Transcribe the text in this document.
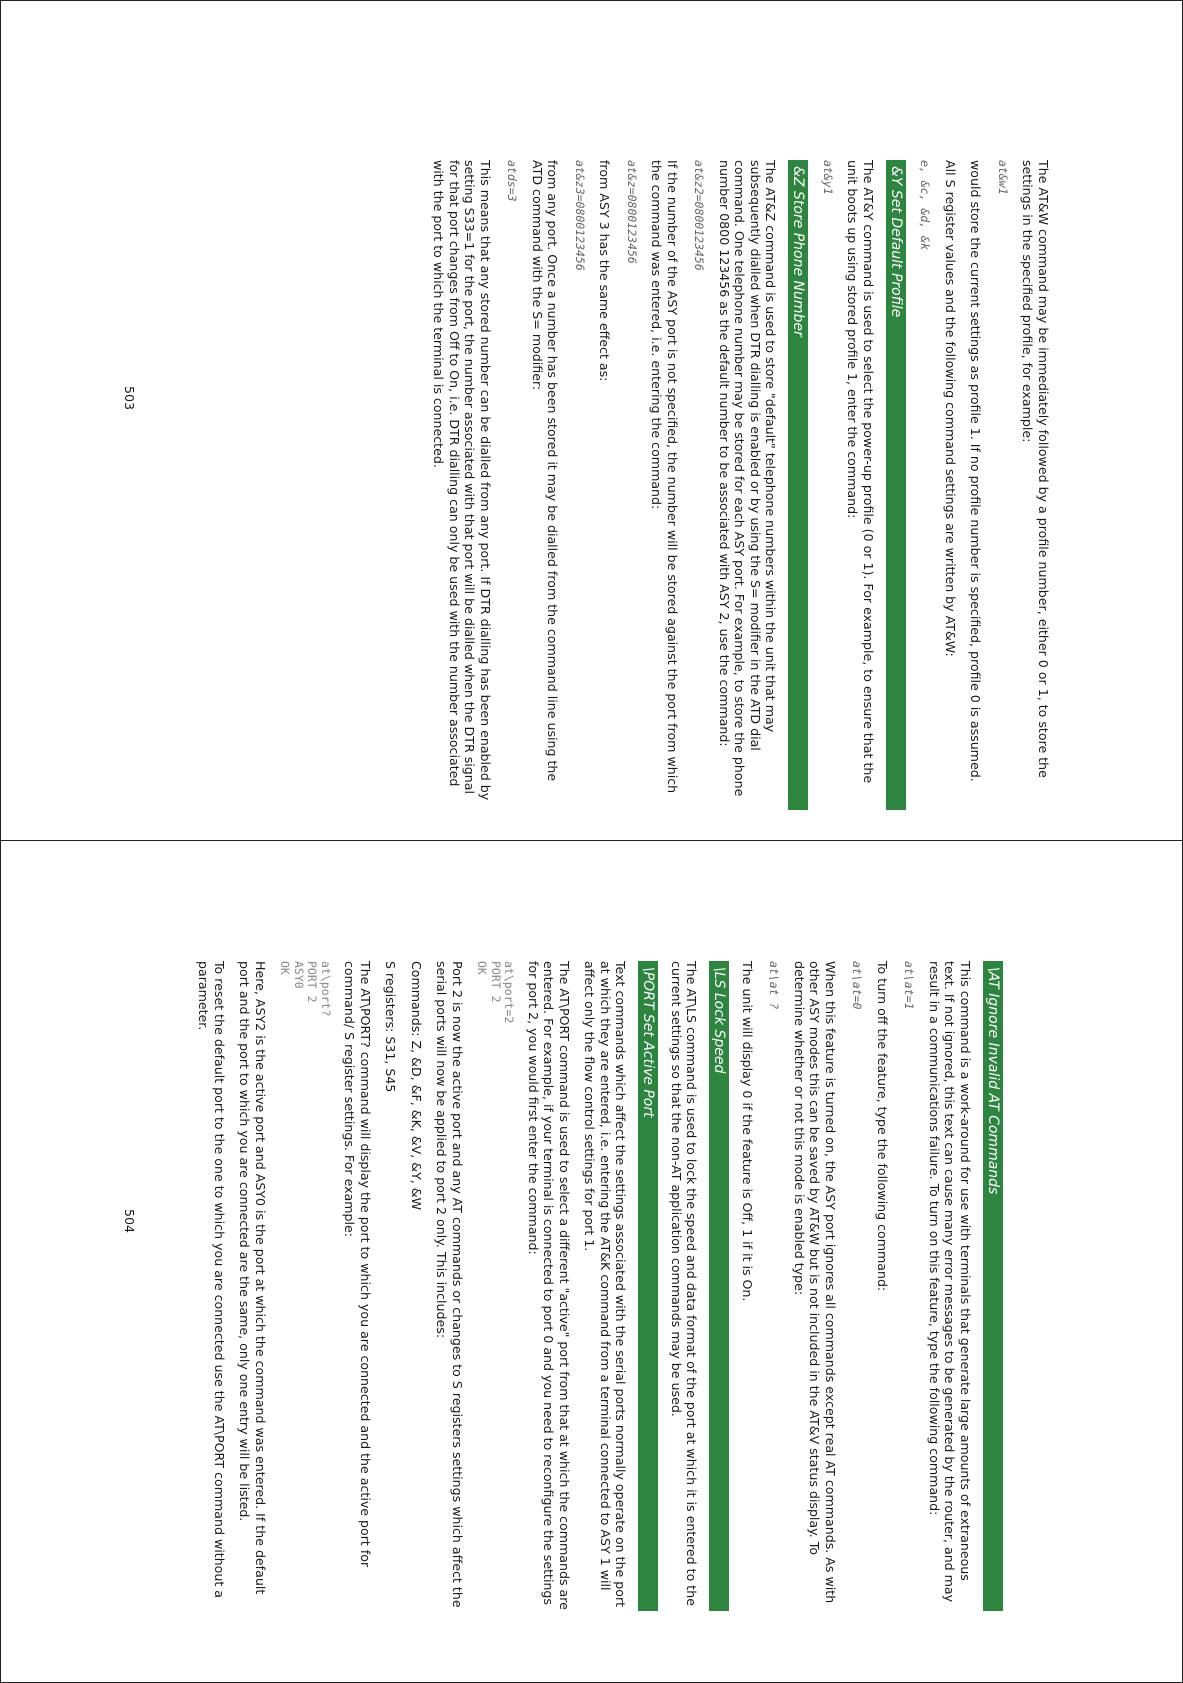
The AT&W command may be immediately followed by a profile number, either 0 or 1, to store the settings in the specified profile, for example:

at&w1

would store the current settings as profile 1. If no profile number is specified, profile 0 is assumed.

All S register values and the following command settings are written by AT&W:

e, &c, &d, &k

&Y Set Default Profile

The AT&Y command is used to select the power-up profile (0 or 1). For example, to ensure that the unit boots up using stored profile 1, enter the command:

at&y1

&Z Store Phone Number

The AT&Z command is used to store "default" telephone numbers within the unit that may subsequently dialled when DTR dialling is enabled or by using the S= modifier in the ATD dial command. One telephone number may be stored for each ASY port. For example, to store the phone number 0800 123456 as the default number to be associated with ASY 2, use the command:

at&z2=0800123456

If the number of the ASY port is not specified, the number will be stored against the port from which the command was entered, i.e. entering the command:

at&z=0800123456

from ASY 3 has the same effect as:

at&z3=0800123456

from any port. Once a number has been stored it may be dialled from the command line using the ATD command with the S= modifier:

atds=3

This means that any stored number can be dialled from any port. If DTR dialling has been enabled by setting S33=1 for the port, the number associated with that port will be dialled when the DTR signal for that port changes from Off to On, i.e. DTR dialling can only be used with the number associated with the port to which the terminal is connected.

503
\AT Ignore Invalid AT Commands

This command is a work-around for use with terminals that generate large amounts of extraneous text. If not ignored, this text can cause many error messages to be generated by the router, and may result in a communications failure. To turn on this feature, type the following command:

at\at=1

To turn off the feature, type the following command:

at\at=0

When this feature is turned on, the ASY port ignores all commands except real AT commands. As with other ASY modes this can be saved by AT&W but is not included in the AT&V status display. To determine whether or not this mode is enabled type:

at\at ?

The unit will display 0 if the feature is Off, 1 if it is On.

\LS Lock Speed

The AT\LS command is used to lock the speed and data format of the port at which it is entered to the current settings so that the non-AT application commands may be used.

\PORT Set Active Port

Text commands which affect the settings associated with the serial ports normally operate on the port at which they are entered, i.e. entering the AT&K command from a terminal connected to ASY 1 will affect only the flow control settings for port 1.

The AT\PORT command is used to select a different "active" port from that at which the commands are entered. For example, if your terminal is connected to port 0 and you need to reconfigure the settings for port 2, you would first enter the command:

at\port=2
PORT 2
OK

Port 2 is now the active port and any AT commands or changes to S registers settings which affect the serial ports will now be applied to port 2 only. This includes:

Commands: Z, &D, &F, &K, &V, &Y, &W

S registers: S31, S45

The AT\PORT? command will display the port to which you are connected and the active port for command/ S register settings. For example:

at\port?
PORT 2
ASY0
OK

Here, ASY2 is the active port and ASY0 is the port at which the command was entered. If the default port and the port to which you are connected are the same, only one entry will be listed.

To reset the default port to the one to which you are connected use the AT\PORT command without a parameter.

504
